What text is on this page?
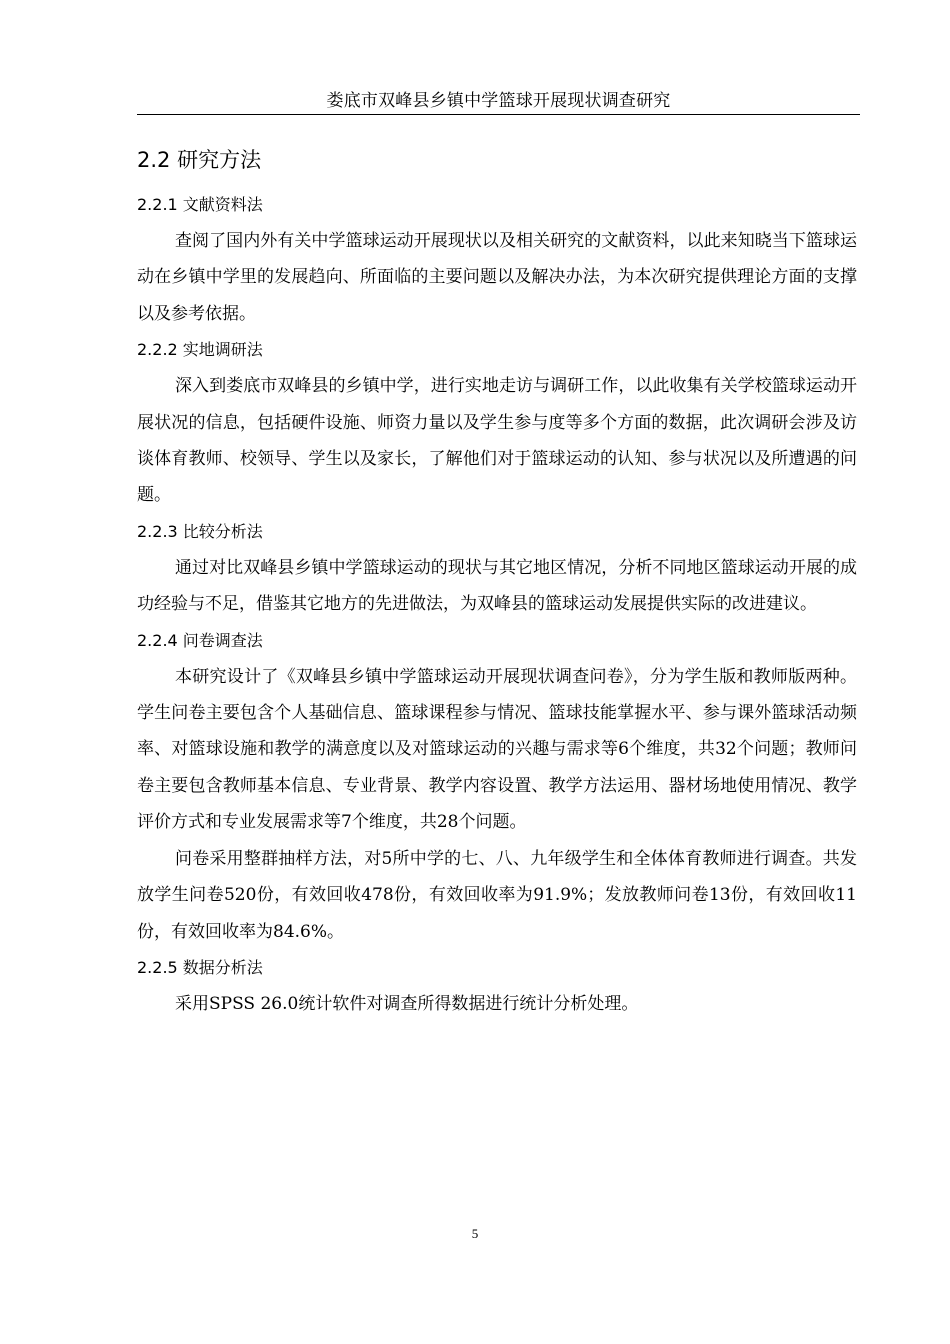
娄底市双峰县乡镇中学篮球开展现状调查研究
2.2 研究方法
2.2.1 文献资料法

查阅了国内外有关中学篮球运动开展现状以及相关研究的文献资料，以此来知晓当下篮球运动在乡镇中学里的发展趋向、所面临的主要问题以及解决办法，为本次研究提供理论方面的支撑以及参考依据。

2.2.2 实地调研法

深入到娄底市双峰县的乡镇中学，进行实地走访与调研工作，以此收集有关学校篮球运动开展状况的信息，包括硬件设施、师资力量以及学生参与度等多个方面的数据，此次调研会涉及访谈体育教师、校领导、学生以及家长，了解他们对于篮球运动的认知、参与状况以及所遭遇的问题。

2.2.3 比较分析法

通过对比双峰县乡镇中学篮球运动的现状与其它地区情况，分析不同地区篮球运动开展的成功经验与不足，借鉴其它地方的先进做法，为双峰县的篮球运动发展提供实际的改进建议。

2.2.4 问卷调查法

本研究设计了《双峰县乡镇中学篮球运动开展现状调查问卷》，分为学生版和教师版两种。学生问卷主要包含个人基础信息、篮球课程参与情况、篮球技能掌握水平、参与课外篮球活动频率、对篮球设施和教学的满意度以及对篮球运动的兴趣与需求等6个维度，共32个问题；教师问卷主要包含教师基本信息、专业背景、教学内容设置、教学方法运用、器材场地使用情况、教学评价方式和专业发展需求等7个维度，共28个问题。

问卷采用整群抽样方法，对5所中学的七、八、九年级学生和全体体育教师进行调查。共发放学生问卷520份，有效回收478份，有效回收率为91.9%；发放教师问卷13份，有效回收11份，有效回收率为84.6%。

2.2.5 数据分析法

采用SPSS 26.0统计软件对调查所得数据进行统计分析处理。

5
